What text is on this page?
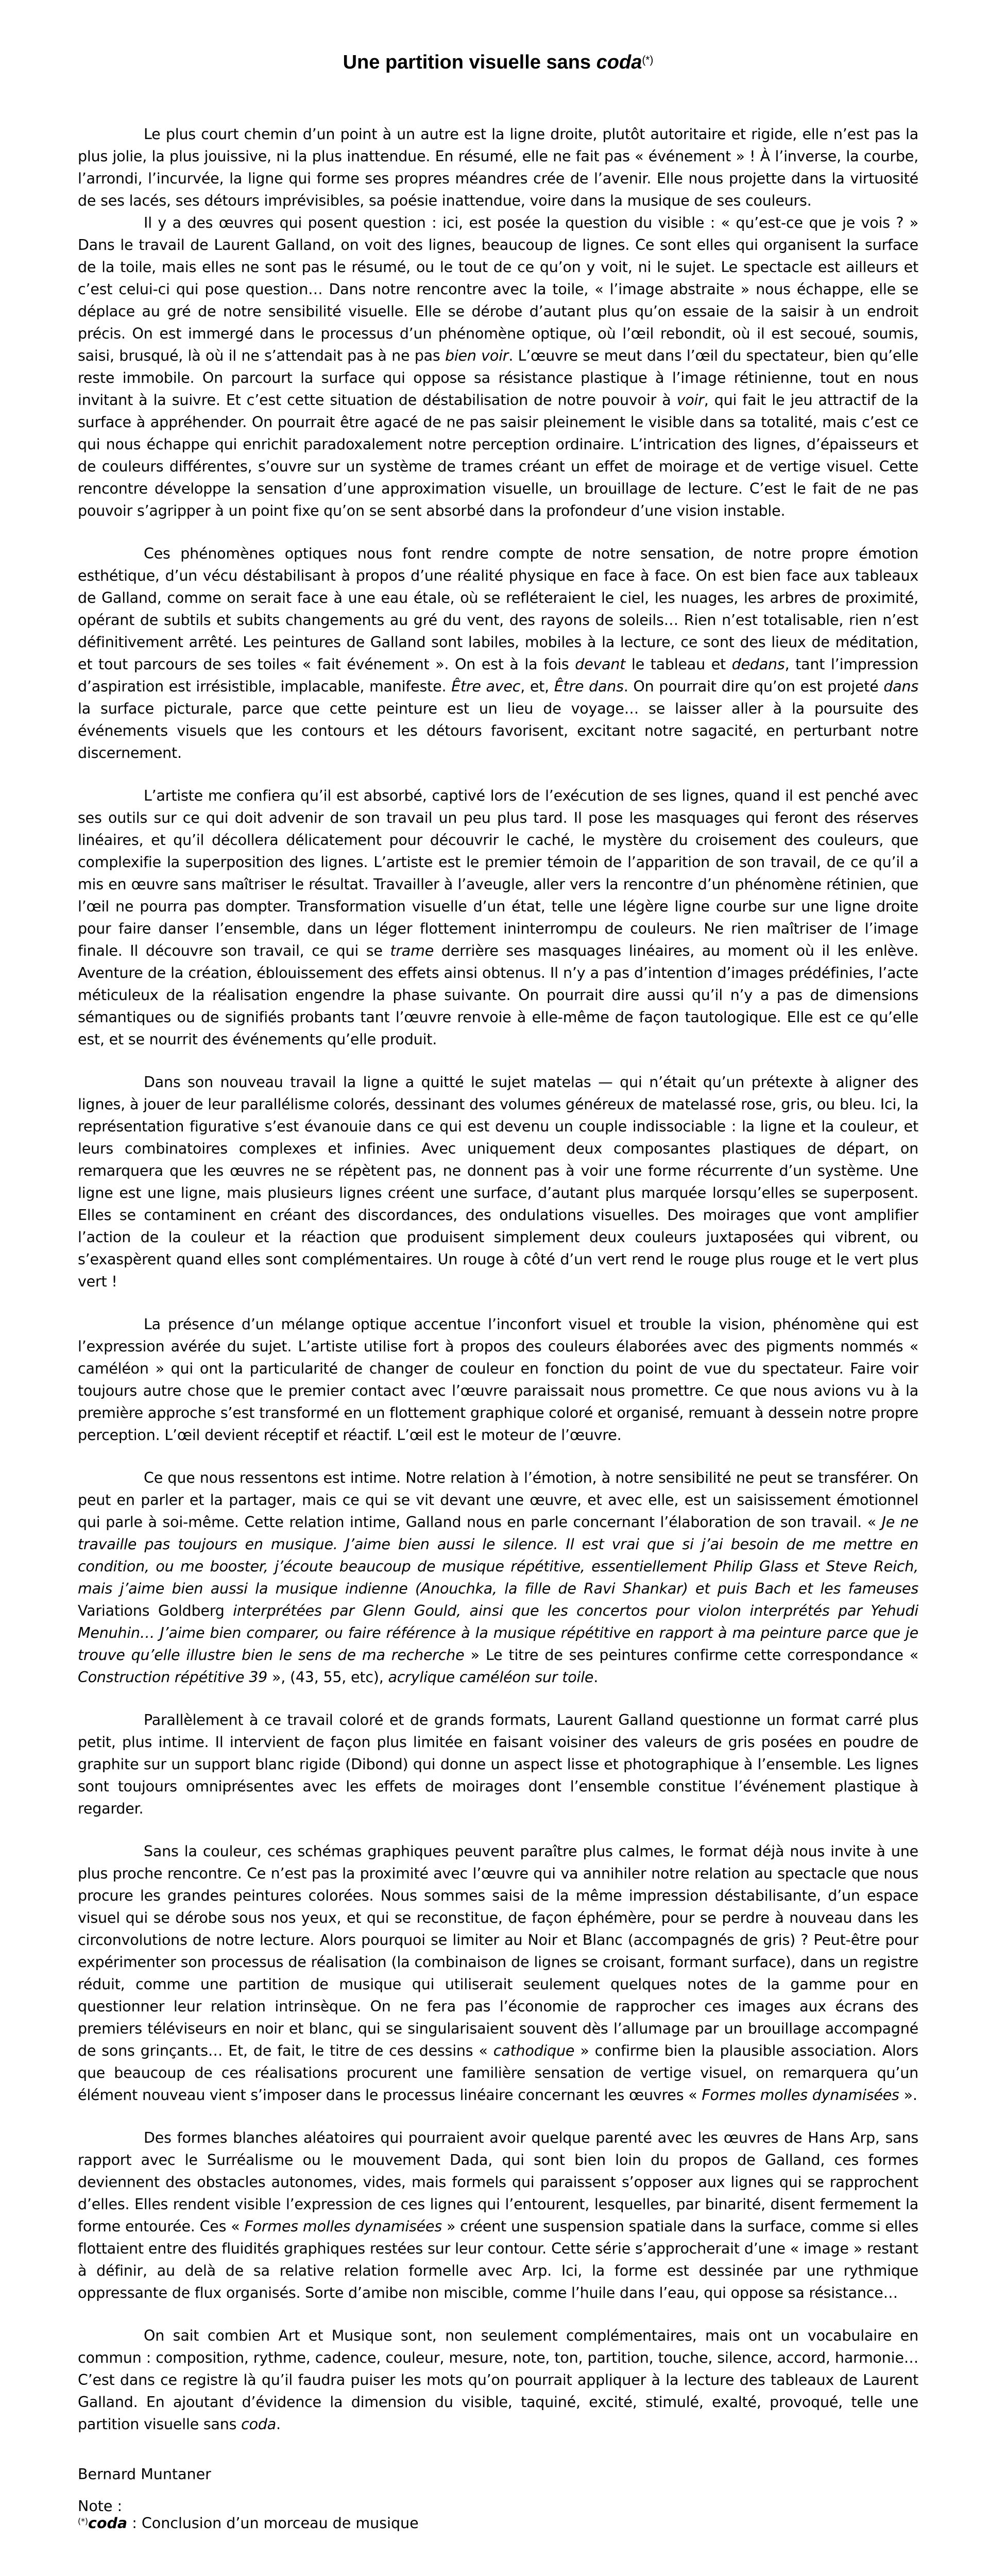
Une partition visuelle sans coda(*)

Le plus court chemin d’un point à un autre est la ligne droite, plutôt autoritaire et rigide, elle n’est pas la plus jolie, la plus jouissive, ni la plus inattendue. En résumé, elle ne fait pas « événement » ! À l’inverse, la courbe, l’arrondi, l’incurvée, la ligne qui forme ses propres méandres crée de l’avenir. Elle nous projette dans la virtuosité de ses lacés, ses détours imprévisibles, sa poésie inattendue, voire dans la musique de ses couleurs.

Il y a des œuvres qui posent question : ici, est posée la question du visible : « qu’est-ce que je vois ? » Dans le travail de Laurent Galland, on voit des lignes, beaucoup de lignes. Ce sont elles qui organisent la surface de la toile, mais elles ne sont pas le résumé, ou le tout de ce qu’on y voit, ni le sujet. Le spectacle est ailleurs et c’est celui-ci qui pose question… Dans notre rencontre avec la toile, « l’image abstraite » nous échappe, elle se déplace au gré de notre sensibilité visuelle. Elle se dérobe d’autant plus qu’on essaie de la saisir à un endroit précis. On est immergé dans le processus d’un phénomène optique, où l’œil rebondit, où il est secoué, soumis, saisi, brusqué, là où il ne s’attendait pas à ne pas bien voir. L’œuvre se meut dans l’œil du spectateur, bien qu’elle reste immobile. On parcourt la surface qui oppose sa résistance plastique à l’image rétinienne, tout en nous invitant à la suivre. Et c’est cette situation de déstabilisation de notre pouvoir à voir, qui fait le jeu attractif de la surface à appréhender. On pourrait être agacé de ne pas saisir pleinement le visible dans sa totalité, mais c’est ce qui nous échappe qui enrichit paradoxalement notre perception ordinaire. L’intrication des lignes, d’épaisseurs et de couleurs différentes, s’ouvre sur un système de trames créant un effet de moirage et de vertige visuel. Cette rencontre développe la sensation d’une approximation visuelle, un brouillage de lecture. C’est le fait de ne pas pouvoir s’agripper à un point fixe qu’on se sent absorbé dans la profondeur d’une vision instable.

Ces phénomènes optiques nous font rendre compte de notre sensation, de notre propre émotion esthétique, d’un vécu déstabilisant à propos d’une réalité physique en face à face. On est bien face aux tableaux de Galland, comme on serait face à une eau étale, où se refléteraient le ciel, les nuages, les arbres de proximité, opérant de subtils et subits changements au gré du vent, des rayons de soleils… Rien n’est totalisable, rien n’est définitivement arrêté. Les peintures de Galland sont labiles, mobiles à la lecture, ce sont des lieux de méditation, et tout parcours de ses toiles « fait événement ». On est à la fois devant le tableau et dedans, tant l’impression d’aspiration est irrésistible, implacable, manifeste. Être avec, et, Être dans. On pourrait dire qu’on est projeté dans la surface picturale, parce que cette peinture est un lieu de voyage… se laisser aller à la poursuite des événements visuels que les contours et les détours favorisent, excitant notre sagacité, en perturbant notre discernement.

L’artiste me confiera qu’il est absorbé, captivé lors de l’exécution de ses lignes, quand il est penché avec ses outils sur ce qui doit advenir de son travail un peu plus tard. Il pose les masquages qui feront des réserves linéaires, et qu’il décollera délicatement pour découvrir le caché, le mystère du croisement des couleurs, que complexifie la superposition des lignes. L’artiste est le premier témoin de l’apparition de son travail, de ce qu’il a mis en œuvre sans maîtriser le résultat. Travailler à l’aveugle, aller vers la rencontre d’un phénomène rétinien, que l’œil ne pourra pas dompter. Transformation visuelle d’un état, telle une légère ligne courbe sur une ligne droite pour faire danser l’ensemble, dans un léger flottement ininterrompu de couleurs. Ne rien maîtriser de l’image finale. Il découvre son travail, ce qui se trame derrière ses masquages linéaires, au moment où il les enlève. Aventure de la création, éblouissement des effets ainsi obtenus. Il n’y a pas d’intention d’images prédéfinies, l’acte méticuleux de la réalisation engendre la phase suivante. On pourrait dire aussi qu’il n’y a pas de dimensions sémantiques ou de signifiés probants tant l’œuvre renvoie à elle-même de façon tautologique. Elle est ce qu’elle est, et se nourrit des événements qu’elle produit.

Dans son nouveau travail la ligne a quitté le sujet matelas — qui n’était qu’un prétexte à aligner des lignes, à jouer de leur parallélisme colorés, dessinant des volumes généreux de matelassé rose, gris, ou bleu. Ici, la représentation figurative s’est évanouie dans ce qui est devenu un couple indissociable : la ligne et la couleur, et leurs combinatoires complexes et infinies. Avec uniquement deux composantes plastiques de départ, on remarquera que les œuvres ne se répètent pas, ne donnent pas à voir une forme récurrente d’un système. Une ligne est une ligne, mais plusieurs lignes créent une surface, d’autant plus marquée lorsqu’elles se superposent. Elles se contaminent en créant des discordances, des ondulations visuelles. Des moirages que vont amplifier l’action de la couleur et la réaction que produisent simplement deux couleurs juxtaposées qui vibrent, ou s’exaspèrent quand elles sont complémentaires. Un rouge à côté d’un vert rend le rouge plus rouge et le vert plus vert !

La présence d’un mélange optique accentue l’inconfort visuel et trouble la vision, phénomène qui est l’expression avérée du sujet. L’artiste utilise fort à propos des couleurs élaborées avec des pigments nommés « caméléon » qui ont la particularité de changer de couleur en fonction du point de vue du spectateur. Faire voir toujours autre chose que le premier contact avec l’œuvre paraissait nous promettre. Ce que nous avions vu à la première approche s’est transformé en un flottement graphique coloré et organisé, remuant à dessein notre propre perception. L’œil devient réceptif et réactif. L’œil est le moteur de l’œuvre.

Ce que nous ressentons est intime. Notre relation à l’émotion, à notre sensibilité ne peut se transférer. On peut en parler et la partager, mais ce qui se vit devant une œuvre, et avec elle, est un saisissement émotionnel qui parle à soi-même. Cette relation intime, Galland nous en parle concernant l’élaboration de son travail. « Je ne travaille pas toujours en musique. J’aime bien aussi le silence. Il est vrai que si j’ai besoin de me mettre en condition, ou me booster, j’écoute beaucoup de musique répétitive, essentiellement Philip Glass et Steve Reich, mais j’aime bien aussi la musique indienne (Anouchka, la fille de Ravi Shankar) et puis Bach et les fameuses Variations Goldberg interprétées par Glenn Gould, ainsi que les concertos pour violon interprétés par Yehudi Menuhin… J’aime bien comparer, ou faire référence à la musique répétitive en rapport à ma peinture parce que je trouve qu’elle illustre bien le sens de ma recherche » Le titre de ses peintures confirme cette correspondance « Construction répétitive 39 », (43, 55, etc), acrylique caméléon sur toile.

Parallèlement à ce travail coloré et de grands formats, Laurent Galland questionne un format carré plus petit, plus intime. Il intervient de façon plus limitée en faisant voisiner des valeurs de gris posées en poudre de graphite sur un support blanc rigide (Dibond) qui donne un aspect lisse et photographique à l’ensemble. Les lignes sont toujours omniprésentes avec les effets de moirages dont l’ensemble constitue l’événement plastique à regarder.

Sans la couleur, ces schémas graphiques peuvent paraître plus calmes, le format déjà nous invite à une plus proche rencontre. Ce n’est pas la proximité avec l’œuvre qui va annihiler notre relation au spectacle que nous procure les grandes peintures colorées. Nous sommes saisi de la même impression déstabilisante, d’un espace visuel qui se dérobe sous nos yeux, et qui se reconstitue, de façon éphémère, pour se perdre à nouveau dans les circonvolutions de notre lecture. Alors pourquoi se limiter au Noir et Blanc (accompagnés de gris) ? Peut-être pour expérimenter son processus de réalisation (la combinaison de lignes se croisant, formant surface), dans un registre réduit, comme une partition de musique qui utiliserait seulement quelques notes de la gamme pour en questionner leur relation intrinsèque. On ne fera pas l’économie de rapprocher ces images aux écrans des premiers téléviseurs en noir et blanc, qui se singularisaient souvent dès l’allumage par un brouillage accompagné de sons grinçants… Et, de fait, le titre de ces dessins « cathodique » confirme bien la plausible association. Alors que beaucoup de ces réalisations procurent une familière sensation de vertige visuel, on remarquera qu’un élément nouveau vient s’imposer dans le processus linéaire concernant les œuvres « Formes molles dynamisées ».

Des formes blanches aléatoires qui pourraient avoir quelque parenté avec les œuvres de Hans Arp, sans rapport avec le Surréalisme ou le mouvement Dada, qui sont bien loin du propos de Galland, ces formes deviennent des obstacles autonomes, vides, mais formels qui paraissent s’opposer aux lignes qui se rapprochent d’elles. Elles rendent visible l’expression de ces lignes qui l’entourent, lesquelles, par binarité, disent fermement la forme entourée. Ces « Formes molles dynamisées » créent une suspension spatiale dans la surface, comme si elles flottaient entre des fluidités graphiques restées sur leur contour. Cette série s’approcherait d’une « image » restant à définir, au delà de sa relative relation formelle avec Arp. Ici, la forme est dessinée par une rythmique oppressante de flux organisés. Sorte d’amibe non miscible, comme l’huile dans l’eau, qui oppose sa résistance…

On sait combien Art et Musique sont, non seulement complémentaires, mais ont un vocabulaire en commun : composition, rythme, cadence, couleur, mesure, note, ton, partition, touche, silence, accord, harmonie… C’est dans ce registre là qu’il faudra puiser les mots qu’on pourrait appliquer à la lecture des tableaux de Laurent Galland. En ajoutant d’évidence la dimension du visible, taquiné, excité, stimulé, exalté, provoqué, telle une partition visuelle sans coda.

Bernard Muntaner

Note :
(*)coda : Conclusion d’un morceau de musique
